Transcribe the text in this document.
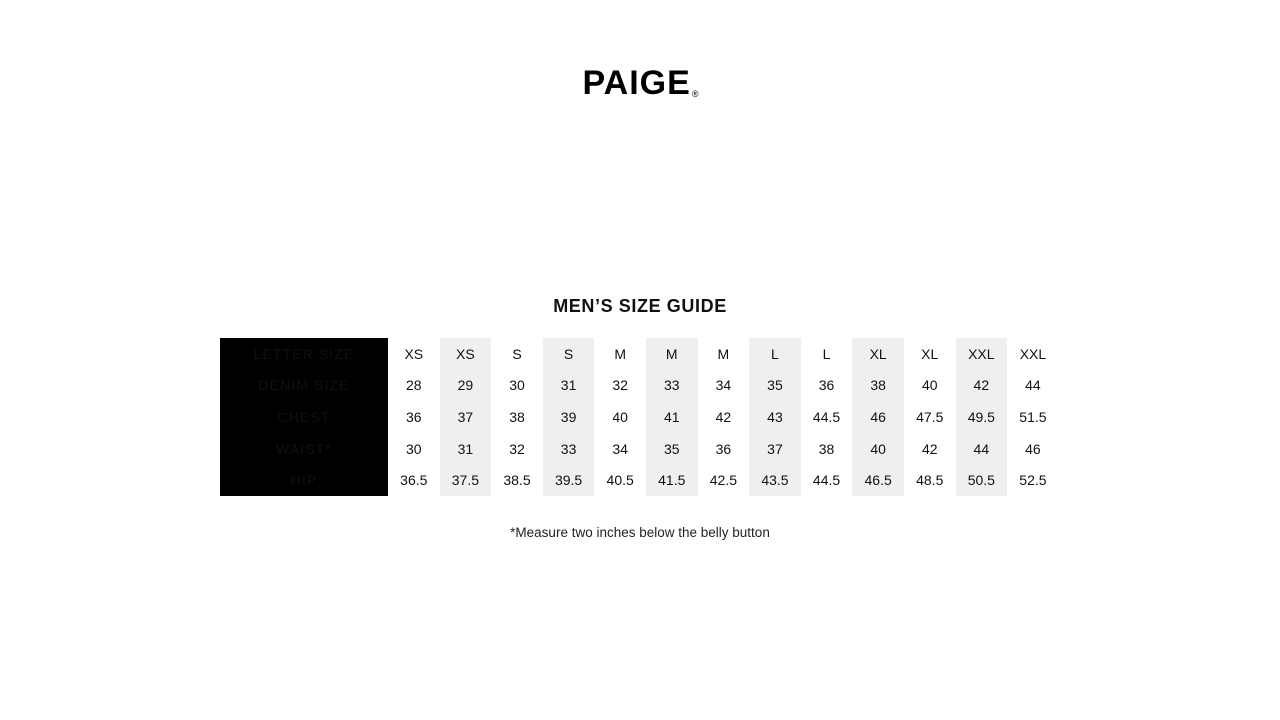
PAIGE®
MEN’S SIZE GUIDE
LETTER SIZE	XS	XS	S	S	M	M	M	L	L	XL	XL	XXL	XXL
DENIM SIZE	28	29	30	31	32	33	34	35	36	38	40	42	44
CHEST	36	37	38	39	40	41	42	43	44.5	46	47.5	49.5	51.5
WAIST*	30	31	32	33	34	35	36	37	38	40	42	44	46
HIP	36.5	37.5	38.5	39.5	40.5	41.5	42.5	43.5	44.5	46.5	48.5	50.5	52.5
*Measure two inches below the belly button
